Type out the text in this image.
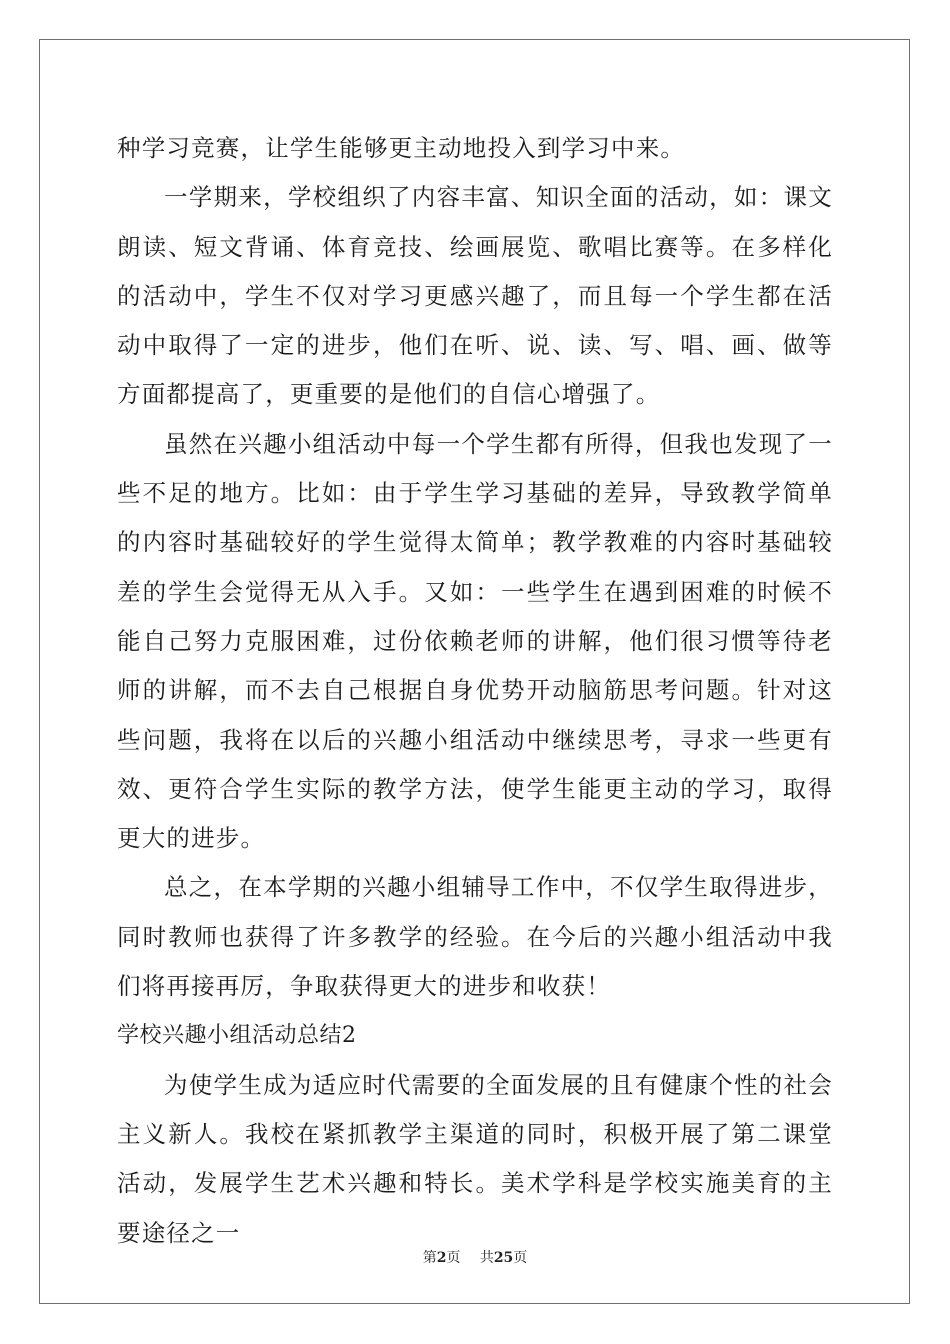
种学习竞赛，让学生能够更主动地投入到学习中来。

一学期来，学校组织了内容丰富、知识全面的活动，如：课文朗读、短文背诵、体育竞技、绘画展览、歌唱比赛等。在多样化的活动中，学生不仅对学习更感兴趣了，而且每一个学生都在活动中取得了一定的进步，他们在听、说、读、写、唱、画、做等方面都提高了，更重要的是他们的自信心增强了。

虽然在兴趣小组活动中每一个学生都有所得，但我也发现了一些不足的地方。比如：由于学生学习基础的差异，导致教学简单的内容时基础较好的学生觉得太简单；教学教难的内容时基础较差的学生会觉得无从入手。又如：一些学生在遇到困难的时候不能自己努力克服困难，过份依赖老师的讲解，他们很习惯等待老师的讲解，而不去自己根据自身优势开动脑筋思考问题。针对这些问题，我将在以后的兴趣小组活动中继续思考，寻求一些更有效、更符合学生实际的教学方法，使学生能更主动的学习，取得更大的进步。

总之，在本学期的兴趣小组辅导工作中，不仅学生取得进步，同时教师也获得了许多教学的经验。在今后的兴趣小组活动中我们将再接再厉，争取获得更大的进步和收获！

学校兴趣小组活动总结2

为使学生成为适应时代需要的全面发展的且有健康个性的社会主义新人。我校在紧抓教学主渠道的同时，积极开展了第二课堂活动，发展学生艺术兴趣和特长。美术学科是学校实施美育的主要途径之一

第2页 共25页
